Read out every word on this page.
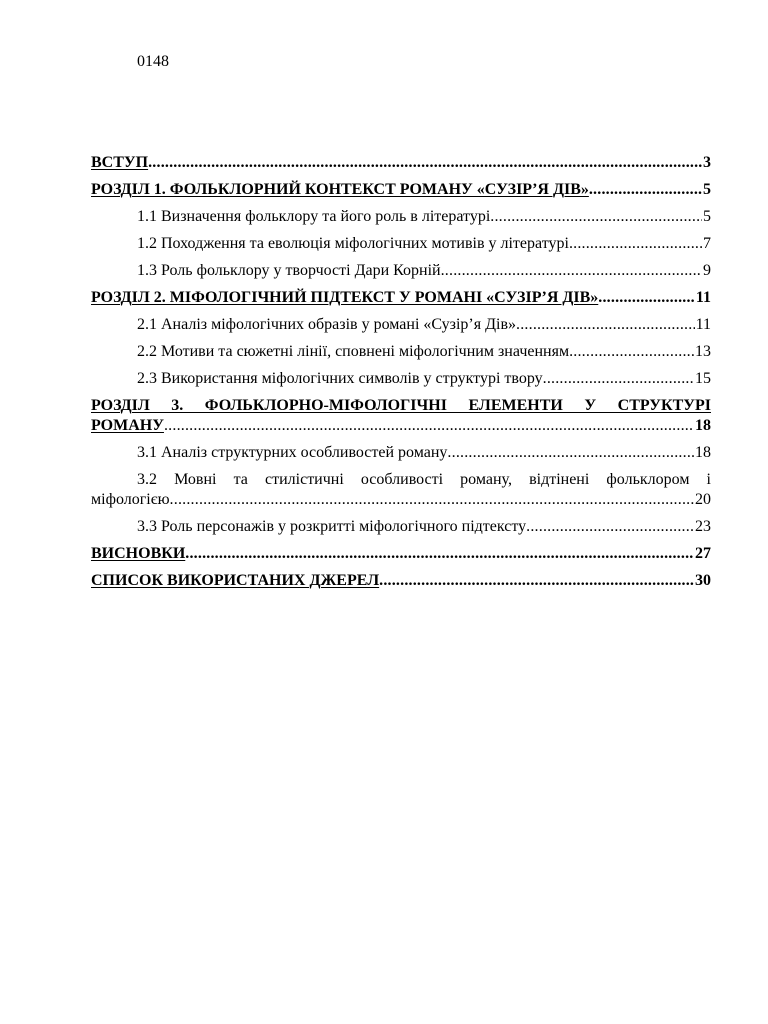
0148
ВСТУП .....	3
РОЗДІЛ 1. ФОЛЬКЛОРНИЙ КОНТЕКСТ РОМАНУ «СУЗІР’Я ДІВ» .....	5
1.1 Визначення фольклору та його роль в літературі .....	5
1.2 Походження та еволюція міфологічних мотивів у літературі .....	7
1.3 Роль фольклору у творчості Дари Корній .....	9
РОЗДІЛ 2. МІФОЛОГІЧНИЙ ПІДТЕКСТ У РОМАНІ «СУЗІР’Я ДІВ» .....	11
2.1 Аналіз міфологічних образів у романі «Сузір’я Дів» .....	11
2.2 Мотиви та сюжетні лінії, сповнені міфологічним значенням .....	13
2.3 Використання міфологічних символів у структурі твору .....	15
РОЗДІЛ 3. ФОЛЬКЛОРНО-МІФОЛОГІЧНІ ЕЛЕМЕНТИ У СТРУКТУРІ
РОМАНУ .....	18
3.1 Аналіз структурних особливостей роману .....	18
3.2 Мовні та стилістичні особливості роману, відтінені фольклором і
міфологією .....	20
3.3 Роль персонажів у розкритті міфологічного підтексту .....	23
ВИСНОВКИ .....	27
СПИСОК ВИКОРИСТАНИХ ДЖЕРЕЛ .....	30
